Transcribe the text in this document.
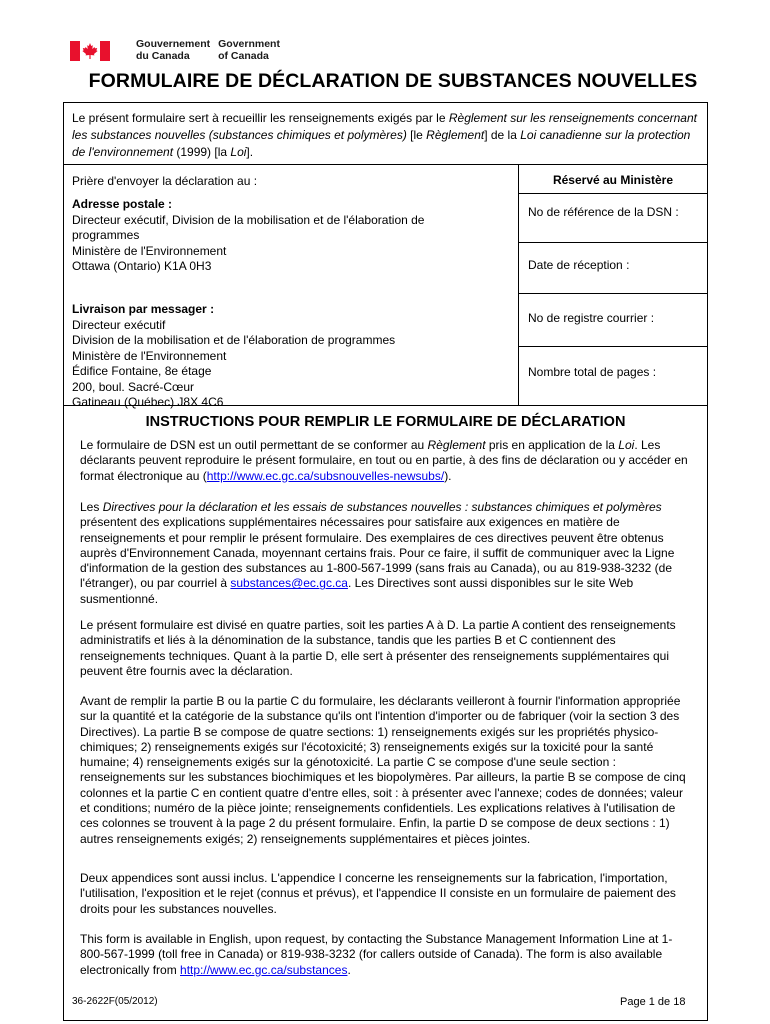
Gouvernement
du Canada
Government
of Canada
FORMULAIRE DE DÉCLARATION DE SUBSTANCES NOUVELLES
Le présent formulaire sert à recueillir les renseignements exigés par le Règlement sur les renseignements concernant les substances nouvelles (substances chimiques et polymères) [le Règlement] de la Loi canadienne sur la protection de l'environnement (1999) [la Loi].
Prière d'envoyer la déclaration au :
Adresse postale :
Directeur exécutif, Division de la mobilisation et de l'élaboration de
programmes
Ministère de l'Environnement
Ottawa (Ontario) K1A 0H3
Livraison par messager :
Directeur exécutif
Division de la mobilisation et de l'élaboration de programmes
Ministère de l'Environnement
Édifice Fontaine, 8e étage
200, boul. Sacré-Cœur
Gatineau (Québec) J8X 4C6
Réservé au Ministère
No de référence de la DSN :
Date de réception :
No de registre courrier :
Nombre total de pages :
INSTRUCTIONS POUR REMPLIR LE FORMULAIRE DE DÉCLARATION
Le formulaire de DSN est un outil permettant de se conformer au Règlement pris en application de la Loi. Les déclarants peuvent reproduire le présent formulaire, en tout ou en partie, à des fins de déclaration ou y accéder en format électronique au (http://www.ec.gc.ca/subsnouvelles-newsubs/).
Les Directives pour la déclaration et les essais de substances nouvelles : substances chimiques et polymères présentent des explications supplémentaires nécessaires pour satisfaire aux exigences en matière de renseignements et pour remplir le présent formulaire. Des exemplaires de ces directives peuvent être obtenus auprès d'Environnement Canada, moyennant certains frais. Pour ce faire, il suffit de communiquer avec la Ligne d'information de la gestion des substances au 1-800-567-1999 (sans frais au Canada), ou au 819-938-3232 (de l'étranger), ou par courriel à substances@ec.gc.ca. Les Directives sont aussi disponibles sur le site Web susmentionné.
Le présent formulaire est divisé en quatre parties, soit les parties A à D. La partie A contient des renseignements administratifs et liés à la dénomination de la substance, tandis que les parties B et C contiennent des renseignements techniques. Quant à la partie D, elle sert à présenter des renseignements supplémentaires qui peuvent être fournis avec la déclaration.
Avant de remplir la partie B ou la partie C du formulaire, les déclarants veilleront à fournir l'information appropriée sur la quantité et la catégorie de la substance qu'ils ont l'intention d'importer ou de fabriquer (voir la section 3 des Directives). La partie B se compose de quatre sections: 1) renseignements exigés sur les propriétés physico-chimiques; 2) renseignements exigés sur l'écotoxicité; 3) renseignements exigés sur la toxicité pour la santé humaine; 4) renseignements exigés sur la génotoxicité. La partie C se compose d'une seule section : renseignements sur les substances biochimiques et les biopolymères. Par ailleurs, la partie B se compose de cinq colonnes et la partie C en contient quatre d'entre elles, soit : à présenter avec l'annexe; codes de données; valeur et conditions; numéro de la pièce jointe; renseignements confidentiels. Les explications relatives à l'utilisation de ces colonnes se trouvent à la page 2 du présent formulaire. Enfin, la partie D se compose de deux sections : 1) autres renseignements exigés; 2) renseignements supplémentaires et pièces jointes.
Deux appendices sont aussi inclus. L'appendice I concerne les renseignements sur la fabrication, l'importation, l'utilisation, l'exposition et le rejet (connus et prévus), et l'appendice II consiste en un formulaire de paiement des droits pour les substances nouvelles.
This form is available in English, upon request, by contacting the Substance Management Information Line at 1-800-567-1999 (toll free in Canada) or 819-938-3232 (for callers outside of Canada). The form is also available electronically from http://www.ec.gc.ca/substances.
36-2622F(05/2012)	Page 1 de 18
